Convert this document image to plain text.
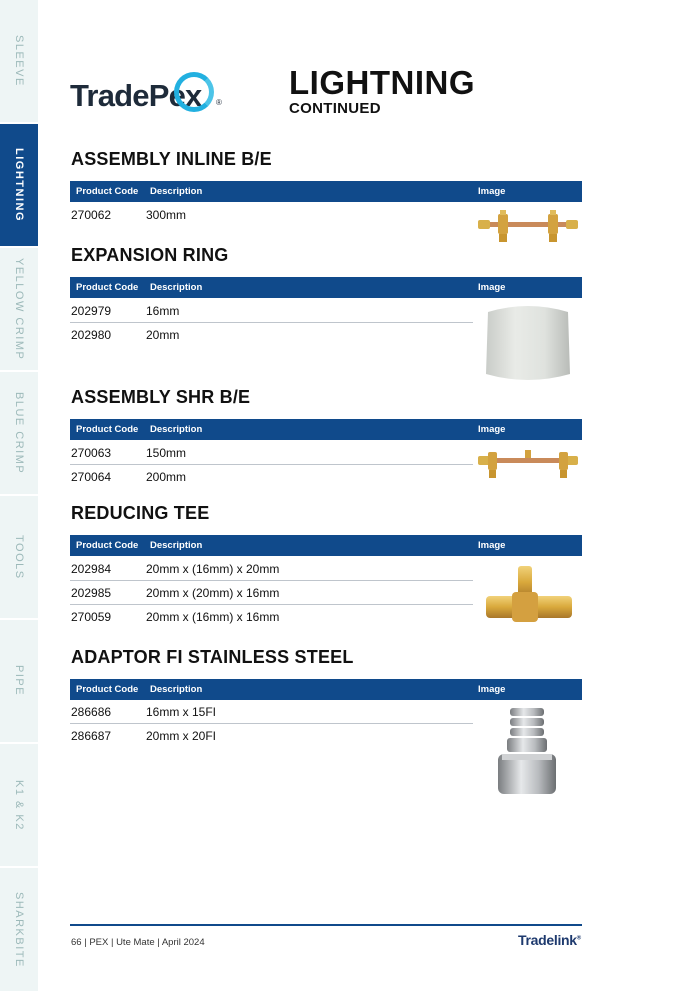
SLEEVE
LIGHTNING
YELLOW CRIMP
BLUE CRIMP
TOOLS
PIPE
K1 & K2
SHARKBITE
TradePex ®
LIGHTNING
CONTINUED
ASSEMBLY INLINE B/E
Product Code Description	Image
270062	300mm
EXPANSION RING
Product Code Description	Image
202979	16mm
202980	20mm
ASSEMBLY SHR B/E
Product Code Description	Image
270063	150mm
270064	200mm
REDUCING TEE
Product Code Description	Image
202984	20mm x (16mm) x 20mm
202985	20mm x (20mm) x 16mm
270059	20mm x (16mm) x 16mm
ADAPTOR FI STAINLESS STEEL
Product Code Description	Image
286686	16mm x 15FI
286687	20mm x 20FI
66 | PEX | Ute Mate | April 2024	Tradelink®
